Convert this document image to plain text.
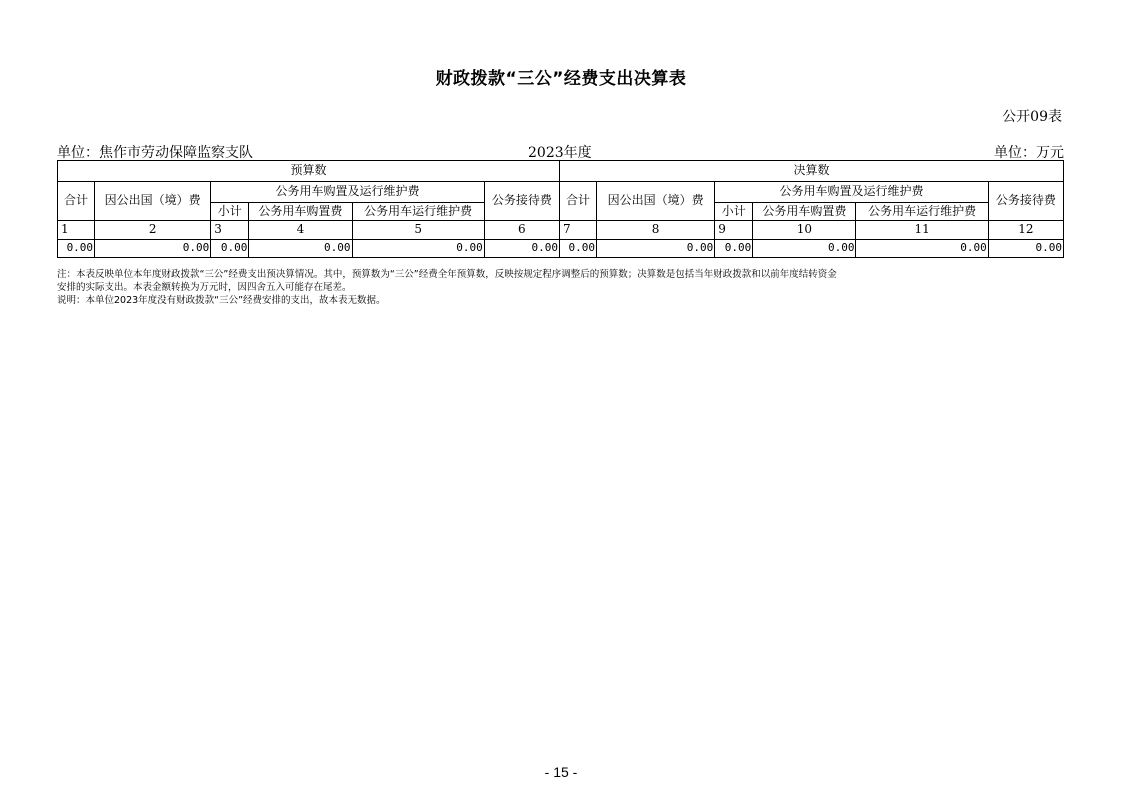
财政拨款“三公”经费支出决算表
公开09表
单位：焦作市劳动保障监察支队	2023年度	单位：万元
预算数						决算数					
合计	因公出国（境）费	公务用车购置及运行维护费			公务接待费	合计	因公出国（境）费	公务用车购置及运行维护费			公务接待费
		小计	公务用车购置费	公务用车运行维护费				小计	公务用车购置费	公务用车运行维护费	
1	2	3	4	5	6	7	8	9	10	11	12
0.00	0.00	0.00	0.00	0.00	0.00	0.00	0.00	0.00	0.00	0.00	0.00
注：本表反映单位本年度财政拨款“三公”经费支出预决算情况。其中，预算数为“三公”经费全年预算数，反映按规定程序调整后的预算数；决算数是包括当年财政拨款和以前年度结转资金
安排的实际支出。本表金额转换为万元时，因四舍五入可能存在尾差。
说明：本单位2023年度没有财政拨款“三公”经费安排的支出，故本表无数据。
- 15 -
